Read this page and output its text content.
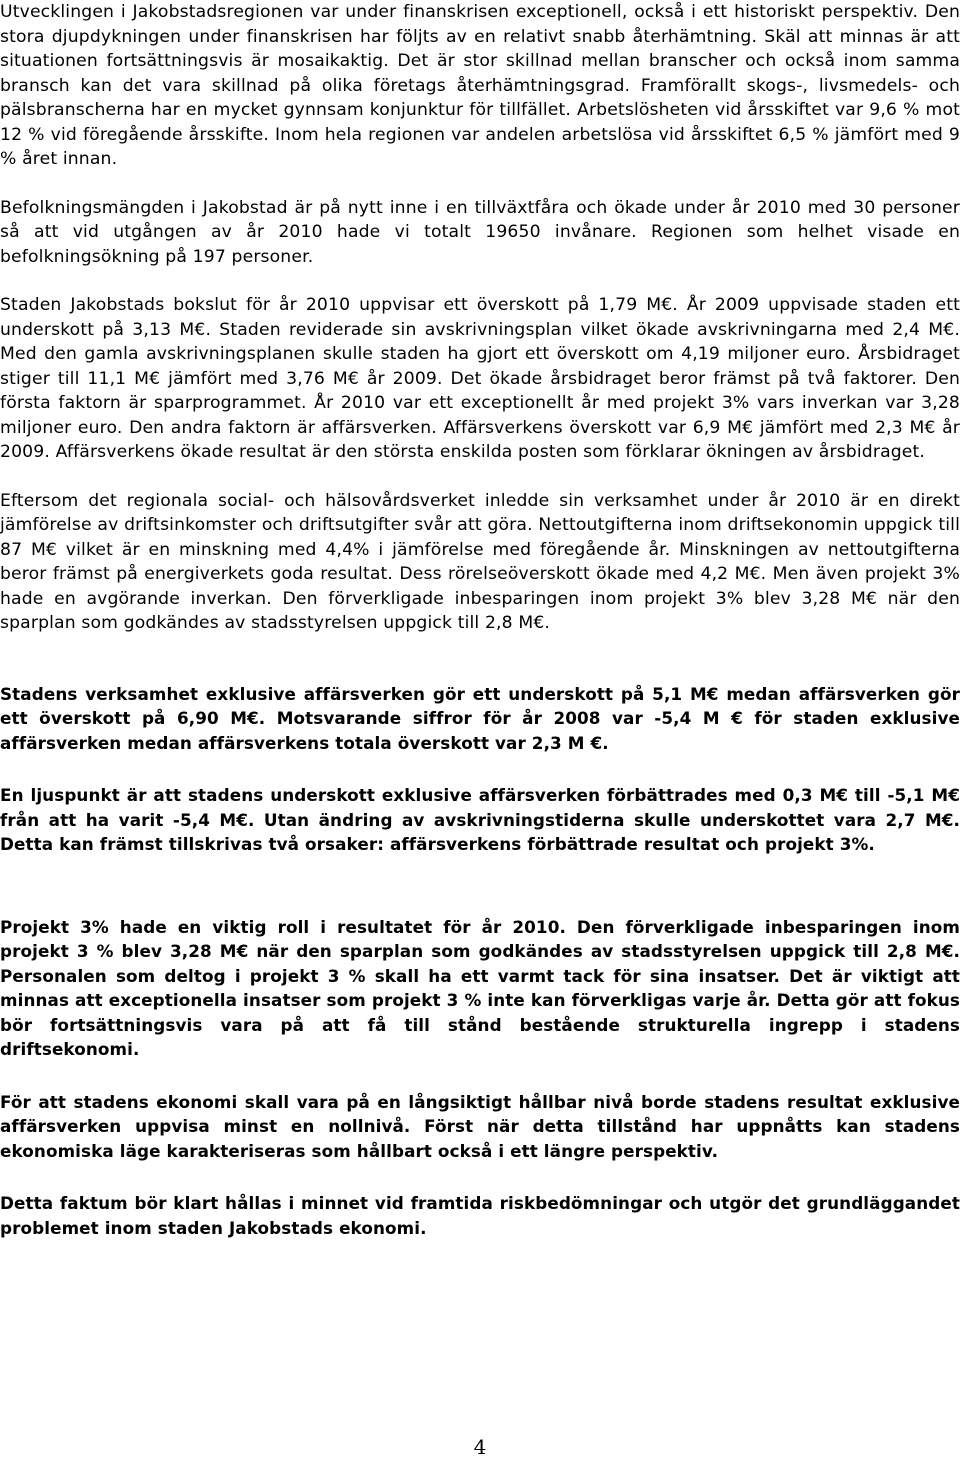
Utvecklingen i Jakobstadsregionen var under finanskrisen exceptionell, också i ett historiskt perspektiv. Den stora djupdykningen under finanskrisen har följts av en relativt snabb återhämtning. Skäl att minnas är att situationen fortsättningsvis är mosaikaktig. Det är stor skillnad mellan branscher och också inom samma bransch kan det vara skillnad på olika företags återhämtningsgrad. Framförallt skogs-, livsmedels- och pälsbranscherna har en mycket gynnsam konjunktur för tillfället. Arbetslösheten vid årsskiftet var 9,6 % mot 12 % vid föregående årsskifte. Inom hela regionen var andelen arbetslösa vid årsskiftet 6,5 % jämfört med 9 % året innan.

Befolkningsmängden i Jakobstad är på nytt inne i en tillväxtfåra och ökade under år 2010 med 30 personer så att vid utgången av år 2010 hade vi totalt 19650 invånare. Regionen som helhet visade en befolkningsökning på 197 personer.

Staden Jakobstads bokslut för år 2010 uppvisar ett överskott på 1,79 M€. År 2009 uppvisade staden ett underskott på 3,13 M€. Staden reviderade sin avskrivningsplan vilket ökade avskrivningarna med 2,4 M€. Med den gamla avskrivningsplanen skulle staden ha gjort ett överskott om 4,19 miljoner euro. Årsbidraget stiger till 11,1 M€ jämfört med 3,76 M€ år 2009. Det ökade årsbidraget beror främst på två faktorer. Den första faktorn är sparprogrammet. År 2010 var ett exceptionellt år med projekt 3% vars inverkan var 3,28 miljoner euro. Den andra faktorn är affärsverken. Affärsverkens överskott var 6,9 M€ jämfört med 2,3 M€ år 2009. Affärsverkens ökade resultat är den största enskilda posten som förklarar ökningen av årsbidraget.

Eftersom det regionala social- och hälsovårdsverket inledde sin verksamhet under år 2010 är en direkt jämförelse av driftsinkomster och driftsutgifter svår att göra. Nettoutgifterna inom driftsekonomin uppgick till 87 M€ vilket är en minskning med 4,4% i jämförelse med föregående år. Minskningen av nettoutgifterna beror främst på energiverkets goda resultat. Dess rörelseöverskott ökade med 4,2 M€. Men även projekt 3% hade en avgörande inverkan. Den förverkligade inbesparingen inom projekt 3% blev 3,28 M€ när den sparplan som godkändes av stadsstyrelsen uppgick till 2,8 M€.

Stadens verksamhet exklusive affärsverken gör ett underskott på 5,1 M€ medan affärsverken gör ett överskott på 6,90 M€. Motsvarande siffror för år 2008 var -5,4 M € för staden exklusive affärsverken medan affärsverkens totala överskott var 2,3 M €.

En ljuspunkt är att stadens underskott exklusive affärsverken förbättrades med 0,3 M€ till -5,1 M€ från att ha varit -5,4 M€. Utan ändring av avskrivningstiderna skulle underskottet vara 2,7 M€. Detta kan främst tillskrivas två orsaker: affärsverkens förbättrade resultat och projekt 3%.

Projekt 3% hade en viktig roll i resultatet för år 2010. Den förverkligade inbesparingen inom projekt 3 % blev 3,28 M€ när den sparplan som godkändes av stadsstyrelsen uppgick till 2,8 M€. Personalen som deltog i projekt 3 % skall ha ett varmt tack för sina insatser. Det är viktigt att minnas att exceptionella insatser som projekt 3 % inte kan förverkligas varje år. Detta gör att fokus bör fortsättningsvis vara på att få till stånd bestående strukturella ingrepp i stadens driftsekonomi.

För att stadens ekonomi skall vara på en långsiktigt hållbar nivå borde stadens resultat exklusive affärsverken uppvisa minst en nollnivå. Först när detta tillstånd har uppnåtts kan stadens ekonomiska läge karakteriseras som hållbart också i ett längre perspektiv.

Detta faktum bör klart hållas i minnet vid framtida riskbedömningar och utgör det grundläggandet problemet inom staden Jakobstads ekonomi.

4
